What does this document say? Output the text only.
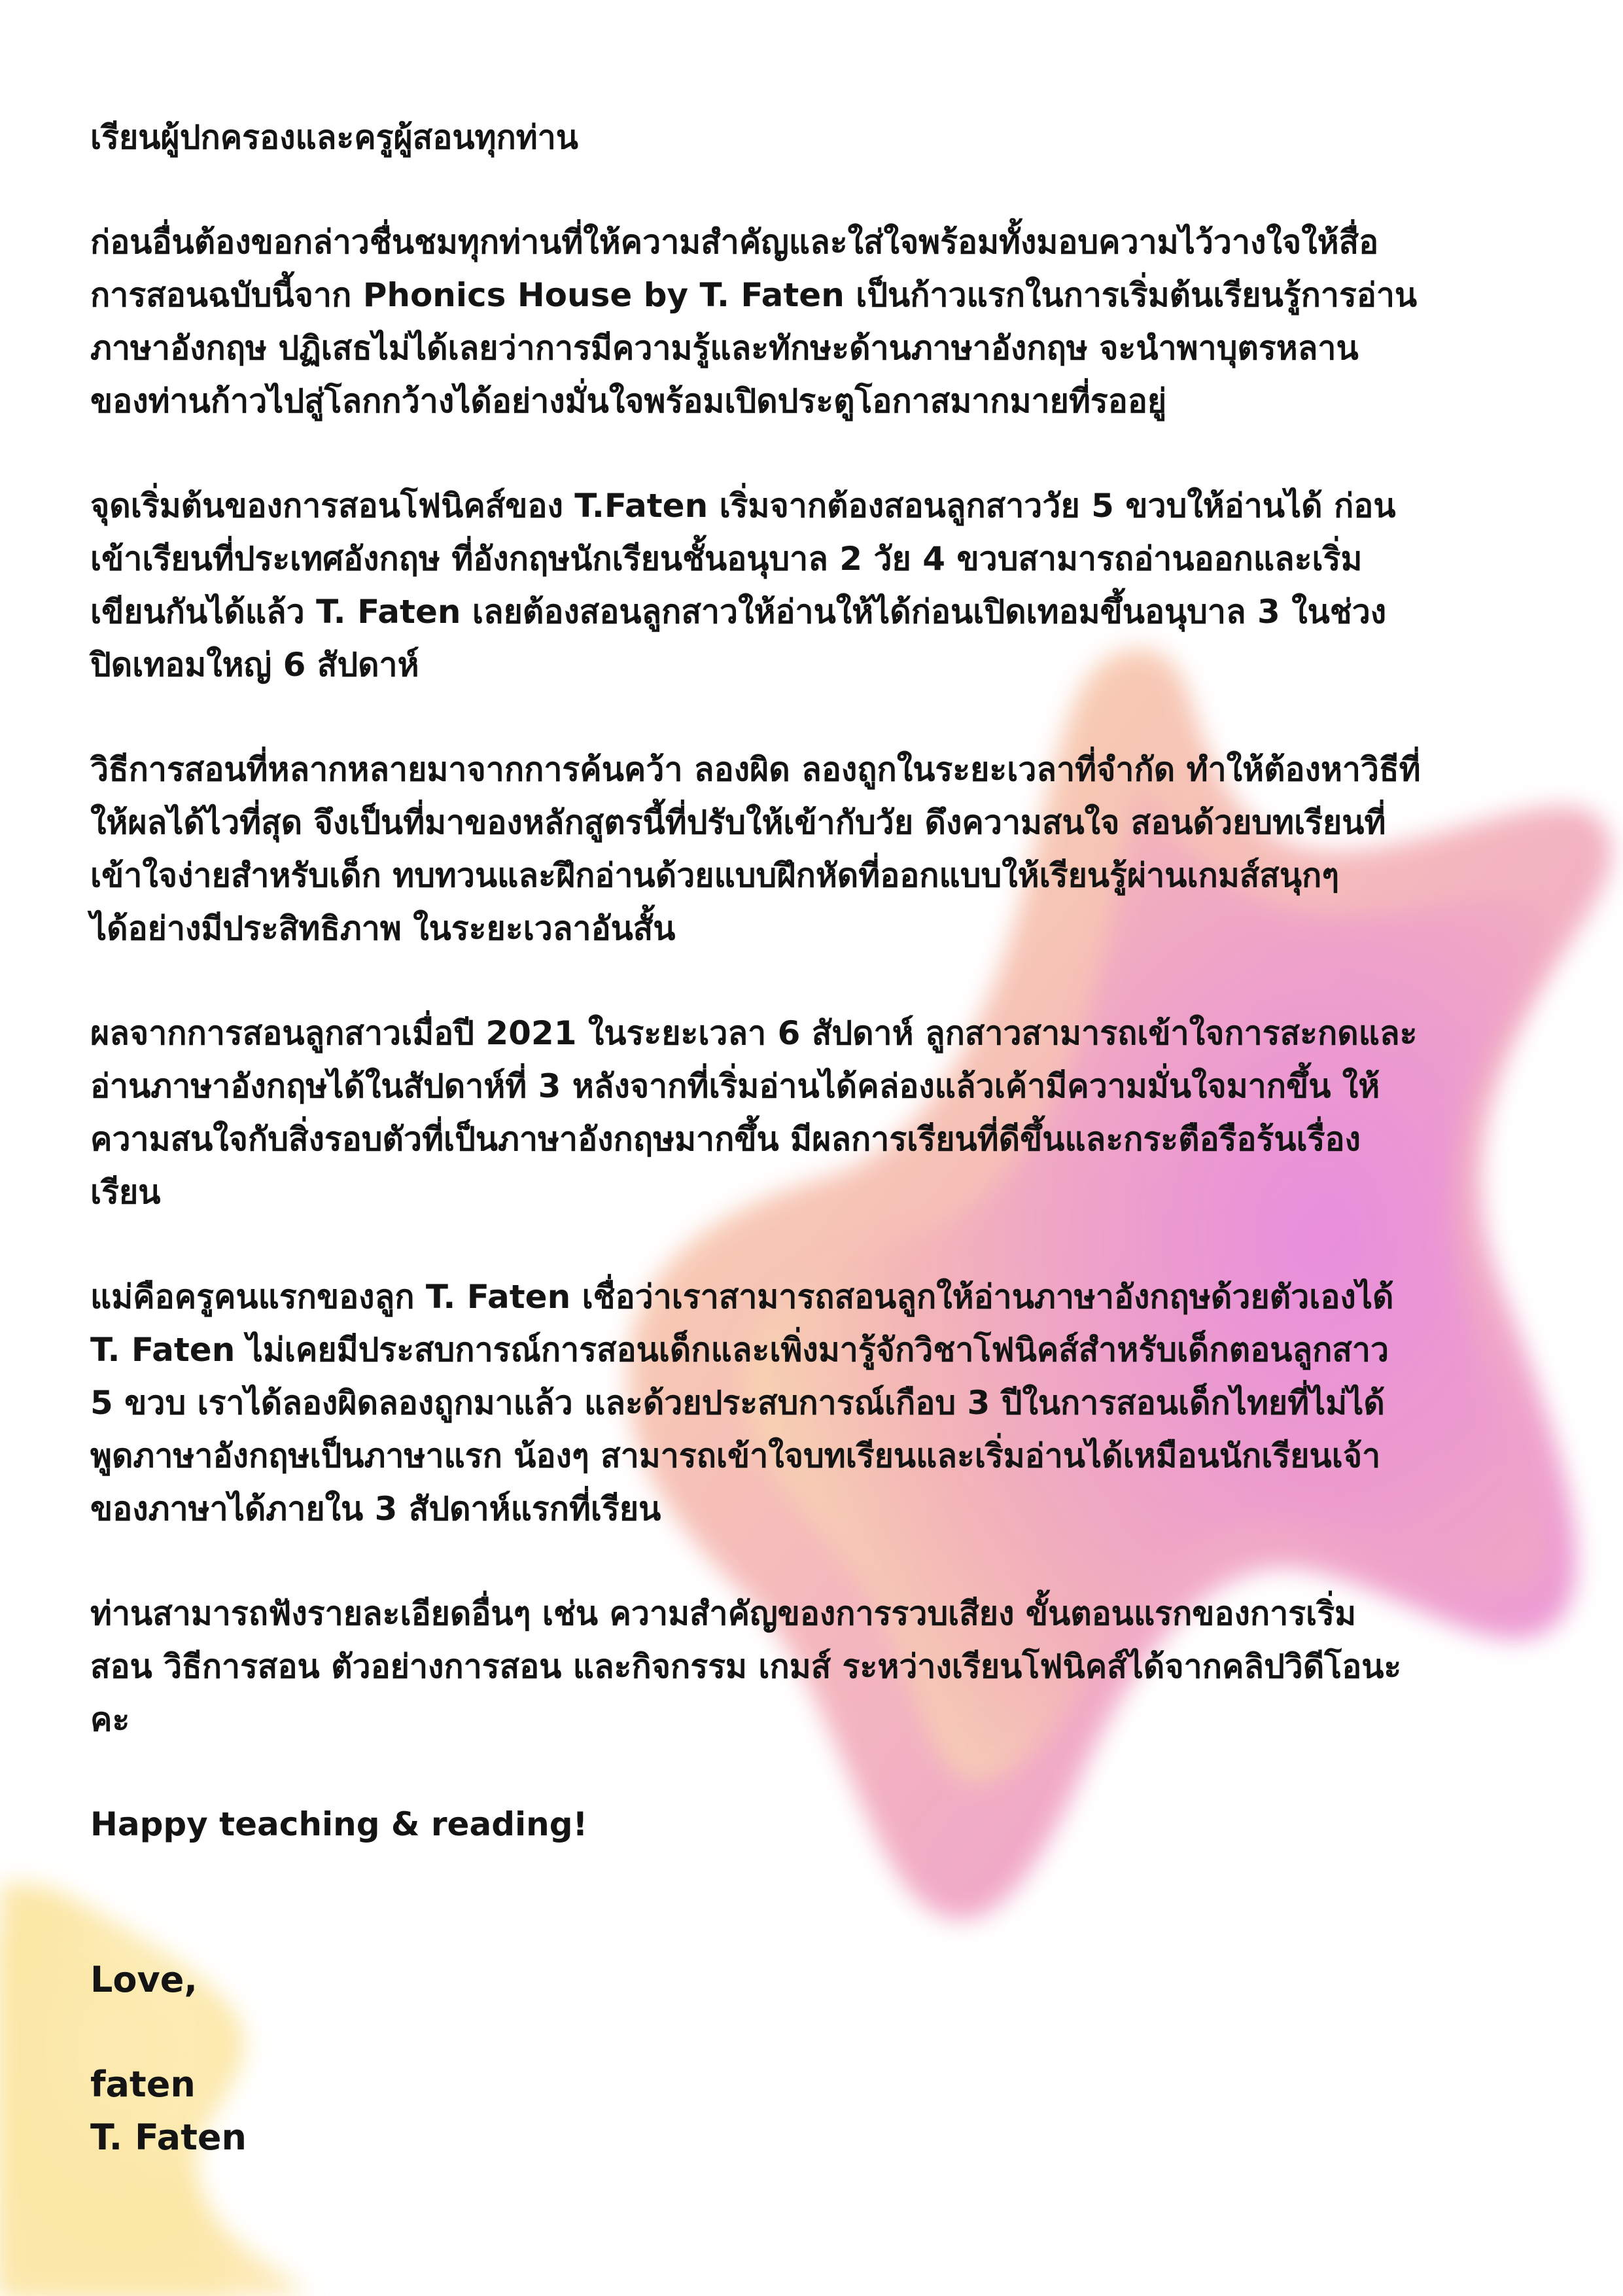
เรียนผู้ปกครองและครูผู้สอนทุกท่าน

ก่อนอื่นต้องขอกล่าวชื่นชมทุกท่านที่ให้ความสำคัญและใส่ใจพร้อมทั้งมอบความไว้วางใจให้สื่อ
การสอนฉบับนี้จาก Phonics House by T. Faten เป็นก้าวแรกในการเริ่มต้นเรียนรู้การอ่าน
ภาษาอังกฤษ ปฏิเสธไม่ได้เลยว่าการมีความรู้และทักษะด้านภาษาอังกฤษ จะนำพาบุตรหลาน
ของท่านก้าวไปสู่โลกกว้างได้อย่างมั่นใจพร้อมเปิดประตูโอกาสมากมายที่รออยู่

จุดเริ่มต้นของการสอนโฟนิคส์ของ T.Faten เริ่มจากต้องสอนลูกสาววัย 5 ขวบให้อ่านได้ ก่อน
เข้าเรียนที่ประเทศอังกฤษ ที่อังกฤษนักเรียนชั้นอนุบาล 2 วัย 4 ขวบสามารถอ่านออกและเริ่ม
เขียนกันได้แล้ว T. Faten เลยต้องสอนลูกสาวให้อ่านให้ได้ก่อนเปิดเทอมขึ้นอนุบาล 3 ในช่วง
ปิดเทอมใหญ่ 6 สัปดาห์

วิธีการสอนที่หลากหลายมาจากการค้นคว้า ลองผิด ลองถูกในระยะเวลาที่จำกัด ทำให้ต้องหาวิธีที่
ให้ผลได้ไวที่สุด จึงเป็นที่มาของหลักสูตรนี้ที่ปรับให้เข้ากับวัย ดึงความสนใจ สอนด้วยบทเรียนที่
เข้าใจง่ายสำหรับเด็ก ทบทวนและฝึกอ่านด้วยแบบฝึกหัดที่ออกแบบให้เรียนรู้ผ่านเกมส์สนุกๆ
ได้อย่างมีประสิทธิภาพ ในระยะเวลาอันสั้น

ผลจากการสอนลูกสาวเมื่อปี 2021 ในระยะเวลา 6 สัปดาห์ ลูกสาวสามารถเข้าใจการสะกดและ
อ่านภาษาอังกฤษได้ในสัปดาห์ที่ 3 หลังจากที่เริ่มอ่านได้คล่องแล้วเค้ามีความมั่นใจมากขึ้น ให้
ความสนใจกับสิ่งรอบตัวที่เป็นภาษาอังกฤษมากขึ้น มีผลการเรียนที่ดีขึ้นและกระตือรือร้นเรื่อง
เรียน

แม่คือครูคนแรกของลูก T. Faten เชื่อว่าเราสามารถสอนลูกให้อ่านภาษาอังกฤษด้วยตัวเองได้
T. Faten ไม่เคยมีประสบการณ์การสอนเด็กและเพิ่งมารู้จักวิชาโฟนิคส์สำหรับเด็กตอนลูกสาว
5 ขวบ เราได้ลองผิดลองถูกมาแล้ว และด้วยประสบการณ์เกือบ 3 ปีในการสอนเด็กไทยที่ไม่ได้
พูดภาษาอังกฤษเป็นภาษาแรก น้องๆ สามารถเข้าใจบทเรียนและเริ่มอ่านได้เหมือนนักเรียนเจ้า
ของภาษาได้ภายใน 3 สัปดาห์แรกที่เรียน

ท่านสามารถฟังรายละเอียดอื่นๆ เช่น ความสำคัญของการรวบเสียง ขั้นตอนแรกของการเริ่ม
สอน วิธีการสอน ตัวอย่างการสอน และกิจกรรม เกมส์ ระหว่างเรียนโฟนิคส์ได้จากคลิปวิดีโอนะ
คะ

Happy teaching & reading!

Love,
faten
T. Faten
